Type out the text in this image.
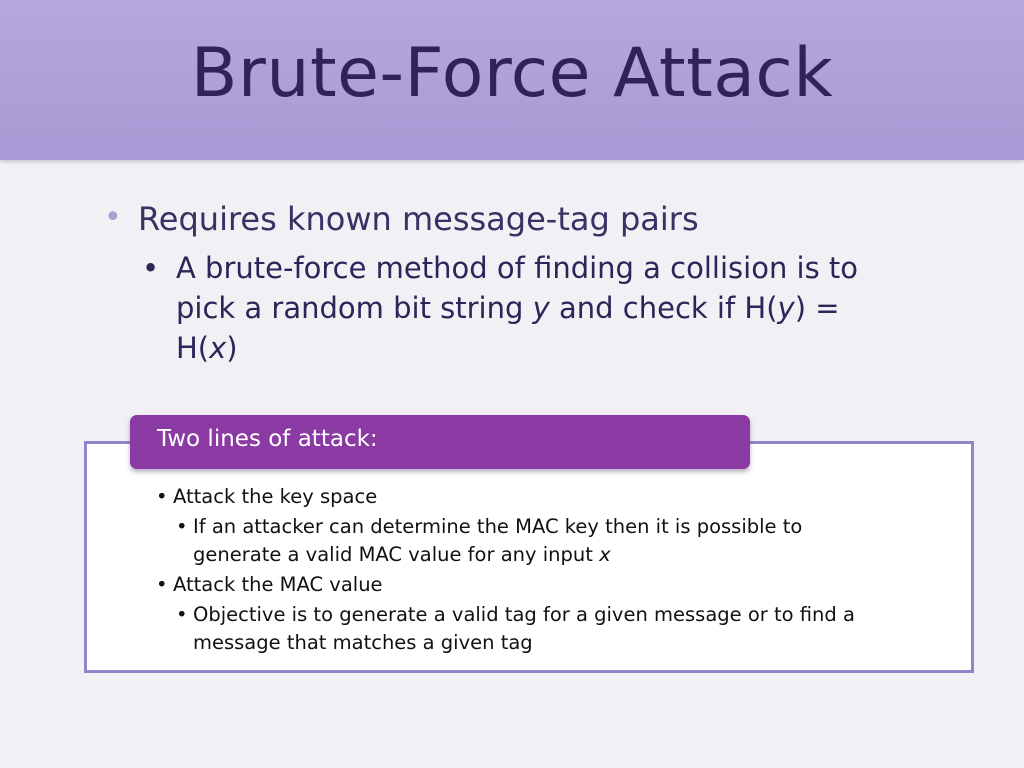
Brute-Force Attack
• Requires known message-tag pairs
• A brute-force method of finding a collision is to pick a random bit string y and check if H(y) = H(x)
Two lines of attack:
• Attack the key space
• If an attacker can determine the MAC key then it is possible to generate a valid MAC value for any input x
• Attack the MAC value
• Objective is to generate a valid tag for a given message or to find a message that matches a given tag
